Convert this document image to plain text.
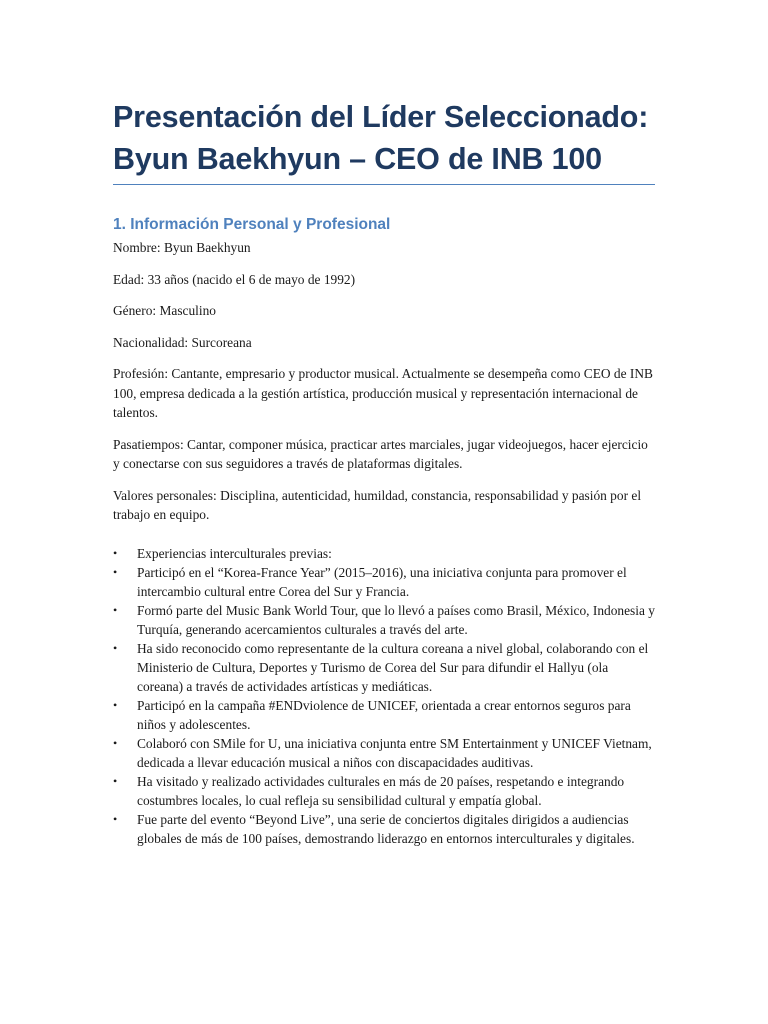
Presentación del Líder Seleccionado:
Byun Baekhyun – CEO de INB 100
1. Información Personal y Profesional

Nombre: Byun Baekhyun

Edad: 33 años (nacido el 6 de mayo de 1992)

Género: Masculino

Nacionalidad: Surcoreana

Profesión: Cantante, empresario y productor musical. Actualmente se desempeña como CEO de INB 100, empresa dedicada a la gestión artística, producción musical y representación internacional de talentos.

Pasatiempos: Cantar, componer música, practicar artes marciales, jugar videojuegos, hacer ejercicio y conectarse con sus seguidores a través de plataformas digitales.

Valores personales: Disciplina, autenticidad, humildad, constancia, responsabilidad y pasión por el trabajo en equipo.

• Experiencias interculturales previas:
• Participó en el “Korea-France Year” (2015–2016), una iniciativa conjunta para promover el intercambio cultural entre Corea del Sur y Francia.
• Formó parte del Music Bank World Tour, que lo llevó a países como Brasil, México, Indonesia y Turquía, generando acercamientos culturales a través del arte.
• Ha sido reconocido como representante de la cultura coreana a nivel global, colaborando con el Ministerio de Cultura, Deportes y Turismo de Corea del Sur para difundir el Hallyu (ola coreana) a través de actividades artísticas y mediáticas.
• Participó en la campaña #ENDviolence de UNICEF, orientada a crear entornos seguros para niños y adolescentes.
• Colaboró con SMile for U, una iniciativa conjunta entre SM Entertainment y UNICEF Vietnam, dedicada a llevar educación musical a niños con discapacidades auditivas.
• Ha visitado y realizado actividades culturales en más de 20 países, respetando e integrando costumbres locales, lo cual refleja su sensibilidad cultural y empatía global.
• Fue parte del evento “Beyond Live”, una serie de conciertos digitales dirigidos a audiencias globales de más de 100 países, demostrando liderazgo en entornos interculturales y digitales.
